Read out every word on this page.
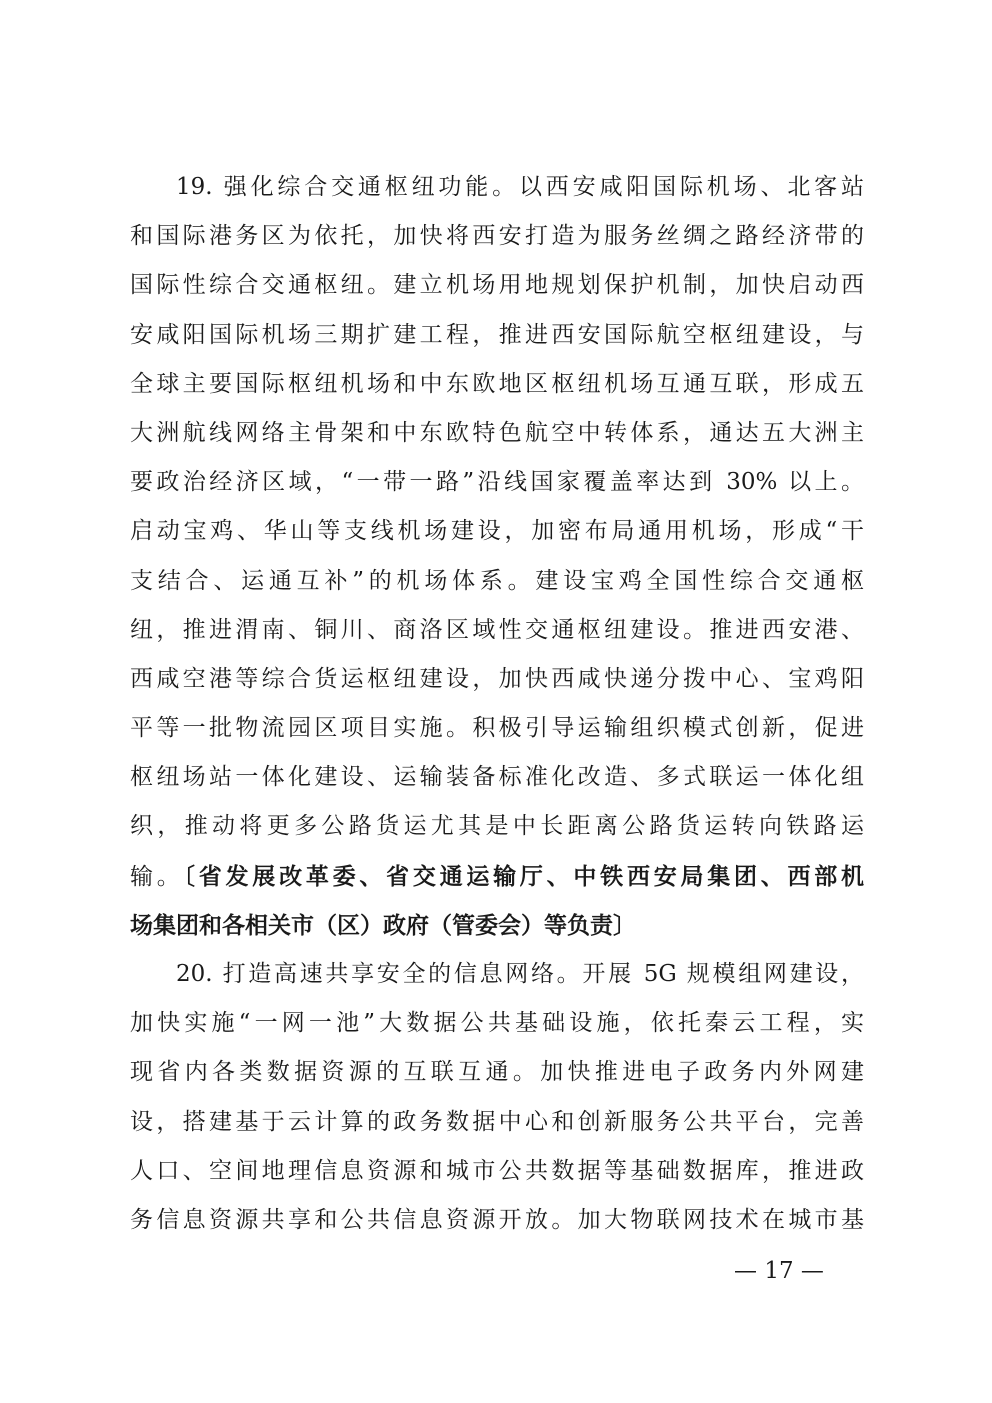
19. 强化综合交通枢纽功能。以西安咸阳国际机场、北客站
和国际港务区为依托，加快将西安打造为服务丝绸之路经济带的
国际性综合交通枢纽。建立机场用地规划保护机制，加快启动西
安咸阳国际机场三期扩建工程，推进西安国际航空枢纽建设，与
全球主要国际枢纽机场和中东欧地区枢纽机场互通互联，形成五
大洲航线网络主骨架和中东欧特色航空中转体系，通达五大洲主
要政治经济区域，“一带一路”沿线国家覆盖率达到 30% 以上。
启动宝鸡、华山等支线机场建设，加密布局通用机场，形成“干
支结合、运通互补”的机场体系。建设宝鸡全国性综合交通枢
纽，推进渭南、铜川、商洛区域性交通枢纽建设。推进西安港、
西咸空港等综合货运枢纽建设，加快西咸快递分拨中心、宝鸡阳
平等一批物流园区项目实施。积极引导运输组织模式创新，促进
枢纽场站一体化建设、运输装备标准化改造、多式联运一体化组
织，推动将更多公路货运尤其是中长距离公路货运转向铁路运
输。〔省发展改革委、省交通运输厅、中铁西安局集团、西部机
场集团和各相关市（区）政府（管委会）等负责〕
20. 打造高速共享安全的信息网络。开展 5G 规模组网建设，
加快实施“一网一池”大数据公共基础设施，依托秦云工程，实
现省内各类数据资源的互联互通。加快推进电子政务内外网建
设，搭建基于云计算的政务数据中心和创新服务公共平台，完善
人口、空间地理信息资源和城市公共数据等基础数据库，推进政
务信息资源共享和公共信息资源开放。加大物联网技术在城市基
— 17 —
